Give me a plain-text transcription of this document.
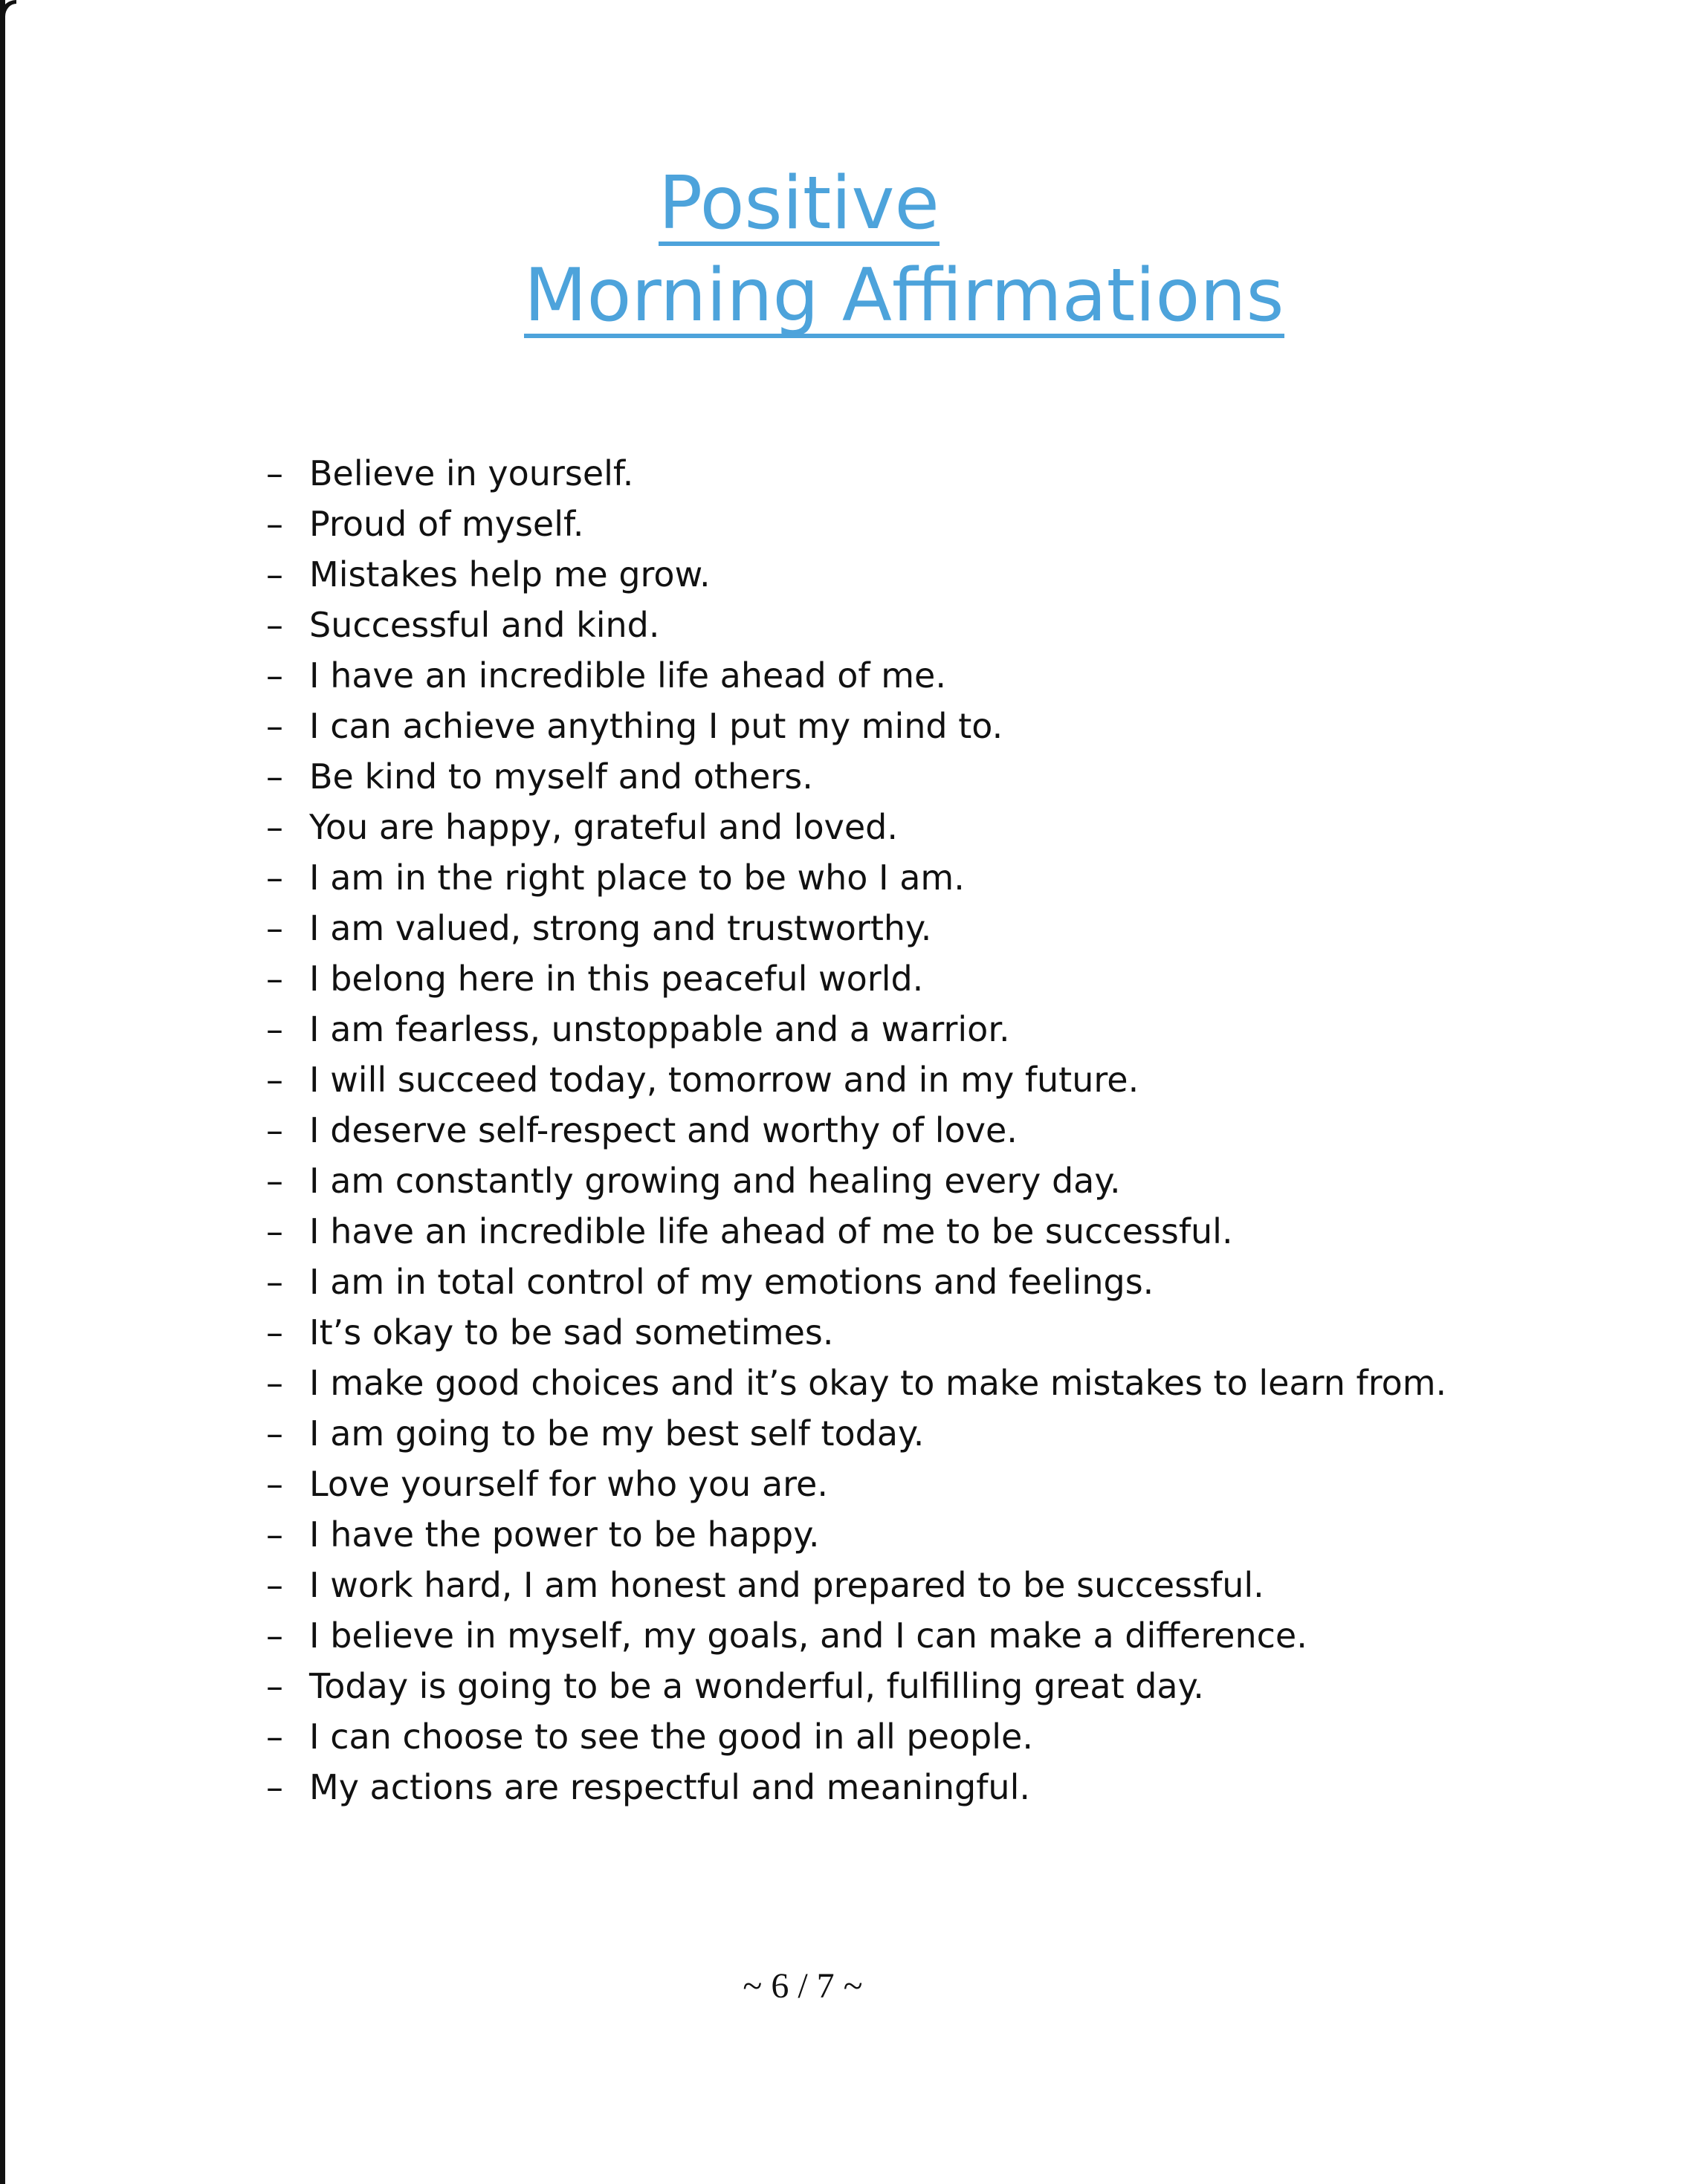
Positive
Morning Affirmations
– Believe in yourself.
– Proud of myself.
– Mistakes help me grow.
– Successful and kind.
– I have an incredible life ahead of me.
– I can achieve anything I put my mind to.
– Be kind to myself and others.
– You are happy, grateful and loved.
– I am in the right place to be who I am.
– I am valued, strong and trustworthy.
– I belong here in this peaceful world.
– I am fearless, unstoppable and a warrior.
– I will succeed today, tomorrow and in my future.
– I deserve self-respect and worthy of love.
– I am constantly growing and healing every day.
– I have an incredible life ahead of me to be successful.
– I am in total control of my emotions and feelings.
– It’s okay to be sad sometimes.
– I make good choices and it’s okay to make mistakes to learn from.
– I am going to be my best self today.
– Love yourself for who you are.
– I have the power to be happy.
– I work hard, I am honest and prepared to be successful.
– I believe in myself, my goals, and I can make a difference.
– Today is going to be a wonderful, fulfilling great day.
– I can choose to see the good in all people.
– My actions are respectful and meaningful.
~ 6 / 7 ~
